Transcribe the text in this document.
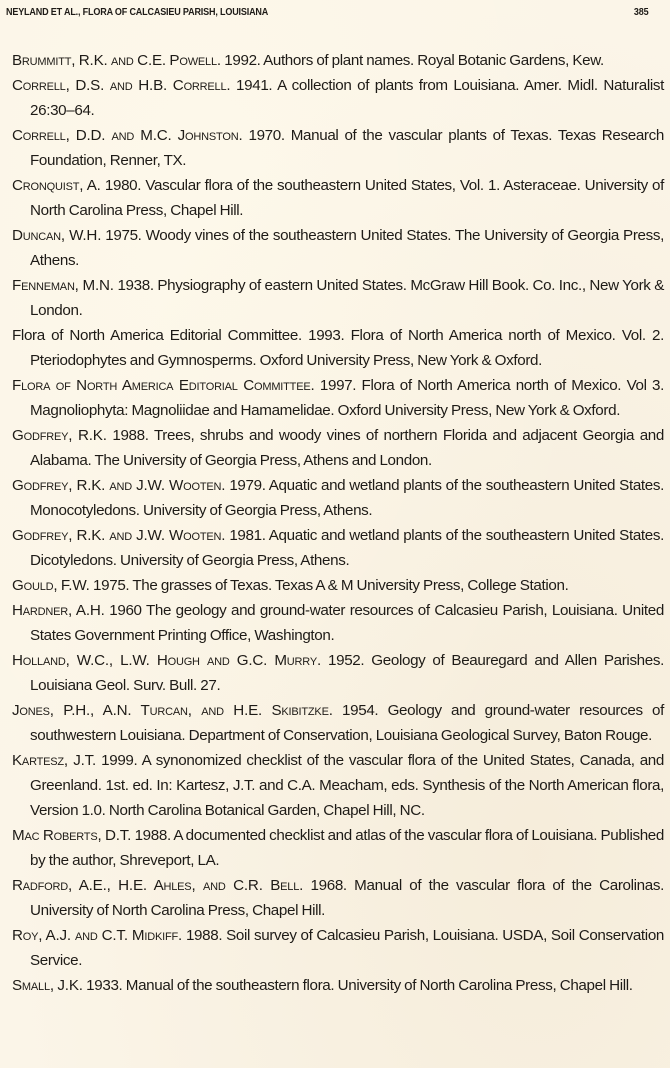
NEYLAND ET AL., FLORA OF CALCASIEU PARISH, LOUISIANA	385

Brummitt, R.K. and C.E. Powell. 1992. Authors of plant names. Royal Botanic Gardens, Kew.

Correll, D.S. and H.B. Correll. 1941. A collection of plants from Louisiana. Amer. Midl. Naturalist 26:30–64.

Correll, D.D. and M.C. Johnston. 1970. Manual of the vascular plants of Texas. Texas Research Foundation, Renner, TX.

Cronquist, A. 1980. Vascular flora of the southeastern United States, Vol. 1. Asteraceae. University of North Carolina Press, Chapel Hill.

Duncan, W.H. 1975. Woody vines of the southeastern United States. The University of Georgia Press, Athens.

Fenneman, M.N. 1938. Physiography of eastern United States. McGraw Hill Book. Co. Inc., New York & London.

Flora of North America Editorial Committee. 1993. Flora of North America north of Mexico. Vol. 2. Pteriodophytes and Gymnosperms. Oxford University Press, New York & Oxford.

Flora of North America Editorial Committee. 1997. Flora of North America north of Mexico. Vol 3. Magnoliophyta: Magnoliidae and Hamamelidae. Oxford University Press, New York & Oxford.

Godfrey, R.K. 1988. Trees, shrubs and woody vines of northern Florida and adjacent Georgia and Alabama. The University of Georgia Press, Athens and London.

Godfrey, R.K. and J.W. Wooten. 1979. Aquatic and wetland plants of the southeastern United States. Monocotyledons. University of Georgia Press, Athens.

Godfrey, R.K. and J.W. Wooten. 1981. Aquatic and wetland plants of the southeastern United States. Dicotyledons. University of Georgia Press, Athens.

Gould, F.W. 1975. The grasses of Texas. Texas A & M University Press, College Station.

Hardner, A.H. 1960 The geology and ground-water resources of Calcasieu Parish, Louisiana. United States Government Printing Office, Washington.

Holland, W.C., L.W. Hough and G.C. Murry. 1952. Geology of Beauregard and Allen Parishes. Louisiana Geol. Surv. Bull. 27.

Jones, P.H., A.N. Turcan, and H.E. Skibitzke. 1954. Geology and ground-water resources of southwestern Louisiana. Department of Conservation, Louisiana Geological Survey, Baton Rouge.

Kartesz, J.T. 1999. A synonomized checklist of the vascular flora of the United States, Canada, and Greenland. 1st. ed. In: Kartesz, J.T. and C.A. Meacham, eds. Synthesis of the North American flora, Version 1.0. North Carolina Botanical Garden, Chapel Hill, NC.

Mac Roberts, D.T. 1988. A documented checklist and atlas of the vascular flora of Louisiana. Published by the author, Shreveport, LA.

Radford, A.E., H.E. Ahles, and C.R. Bell. 1968. Manual of the vascular flora of the Carolinas. University of North Carolina Press, Chapel Hill.

Roy, A.J. and C.T. Midkiff. 1988. Soil survey of Calcasieu Parish, Louisiana. USDA, Soil Conservation Service.

Small, J.K. 1933. Manual of the southeastern flora. University of North Carolina Press, Chapel Hill.
